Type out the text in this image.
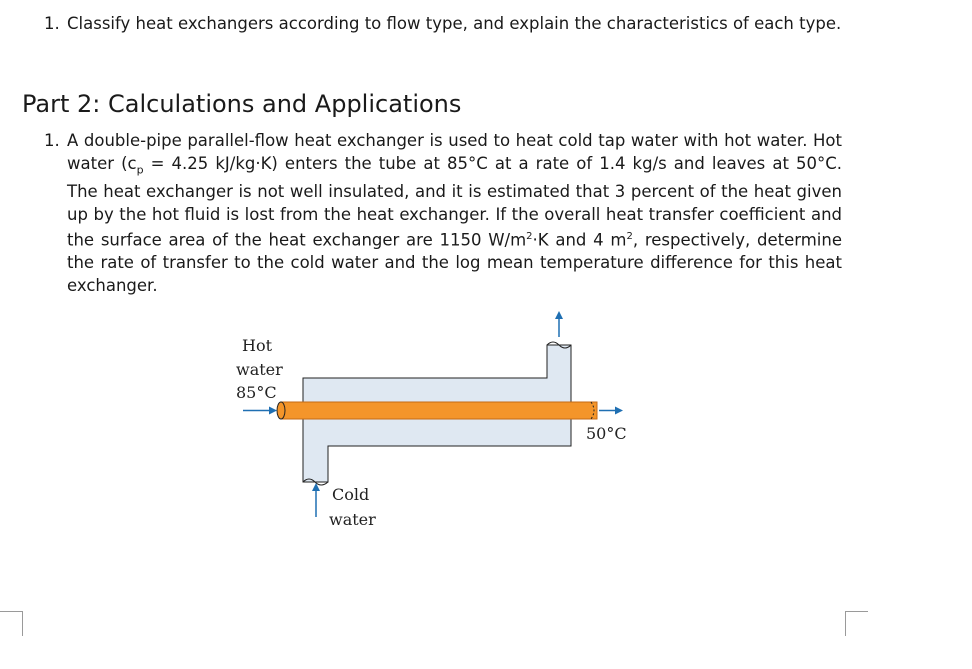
1. Classify heat exchangers according to flow type, and explain the characteristics of each type.
Part 2: Calculations and Applications
1. A double-pipe parallel-flow heat exchanger is used to heat cold tap water with hot water. Hot water ($c_p = 4.25$ kJ/kg·K) enters the tube at 85°C at a rate of 1.4 kg/s and leaves at 50°C. The heat exchanger is not well insulated, and it is estimated that 3 percent of the heat given up by the hot fluid is lost from the heat exchanger. If the overall heat transfer coefficient and the surface area of the heat exchanger are 1150 $W/m^2\cdot K$ and 4 $m^2$, respectively, determine the rate of transfer to the cold water and the log mean temperature difference for this heat exchanger.
Hot
water
85°C
50°C
Cold
water
